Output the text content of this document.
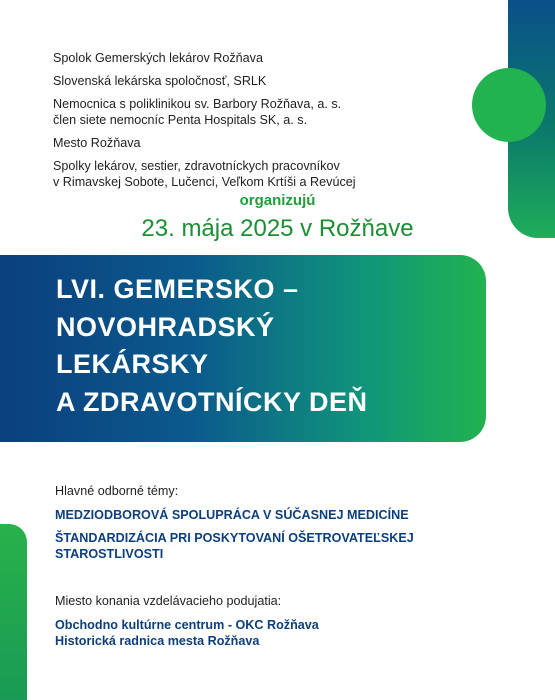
Spolok Gemerských lekárov Rožňava
Slovenská lekárska spoločnosť, SRLK
Nemocnica s poliklinikou sv. Barbory Rožňava, a. s.
člen siete nemocníc Penta Hospitals SK, a. s.
Mesto Rožňava
Spolky lekárov, sestier, zdravotníckych pracovníkov
v Rimavskej Sobote, Lučenci, Veľkom Krtíši a Revúcej
organizujú
23. mája 2025 v Rožňave
LVI. GEMERSKO –
NOVOHRADSKÝ
LEKÁRSKY
A ZDRAVOTNÍCKY DEŇ
Hlavné odborné témy:
MEDZIODBOROVÁ SPOLUPRÁCA V SÚČASNEJ MEDICÍNE
ŠTANDARDIZÁCIA PRI POSKYTOVANÍ OŠETROVATEĽSKEJ
STAROSTLIVOSTI
Miesto konania vzdelávacieho podujatia:
Obchodno kultúrne centrum - OKC Rožňava
Historická radnica mesta Rožňava
